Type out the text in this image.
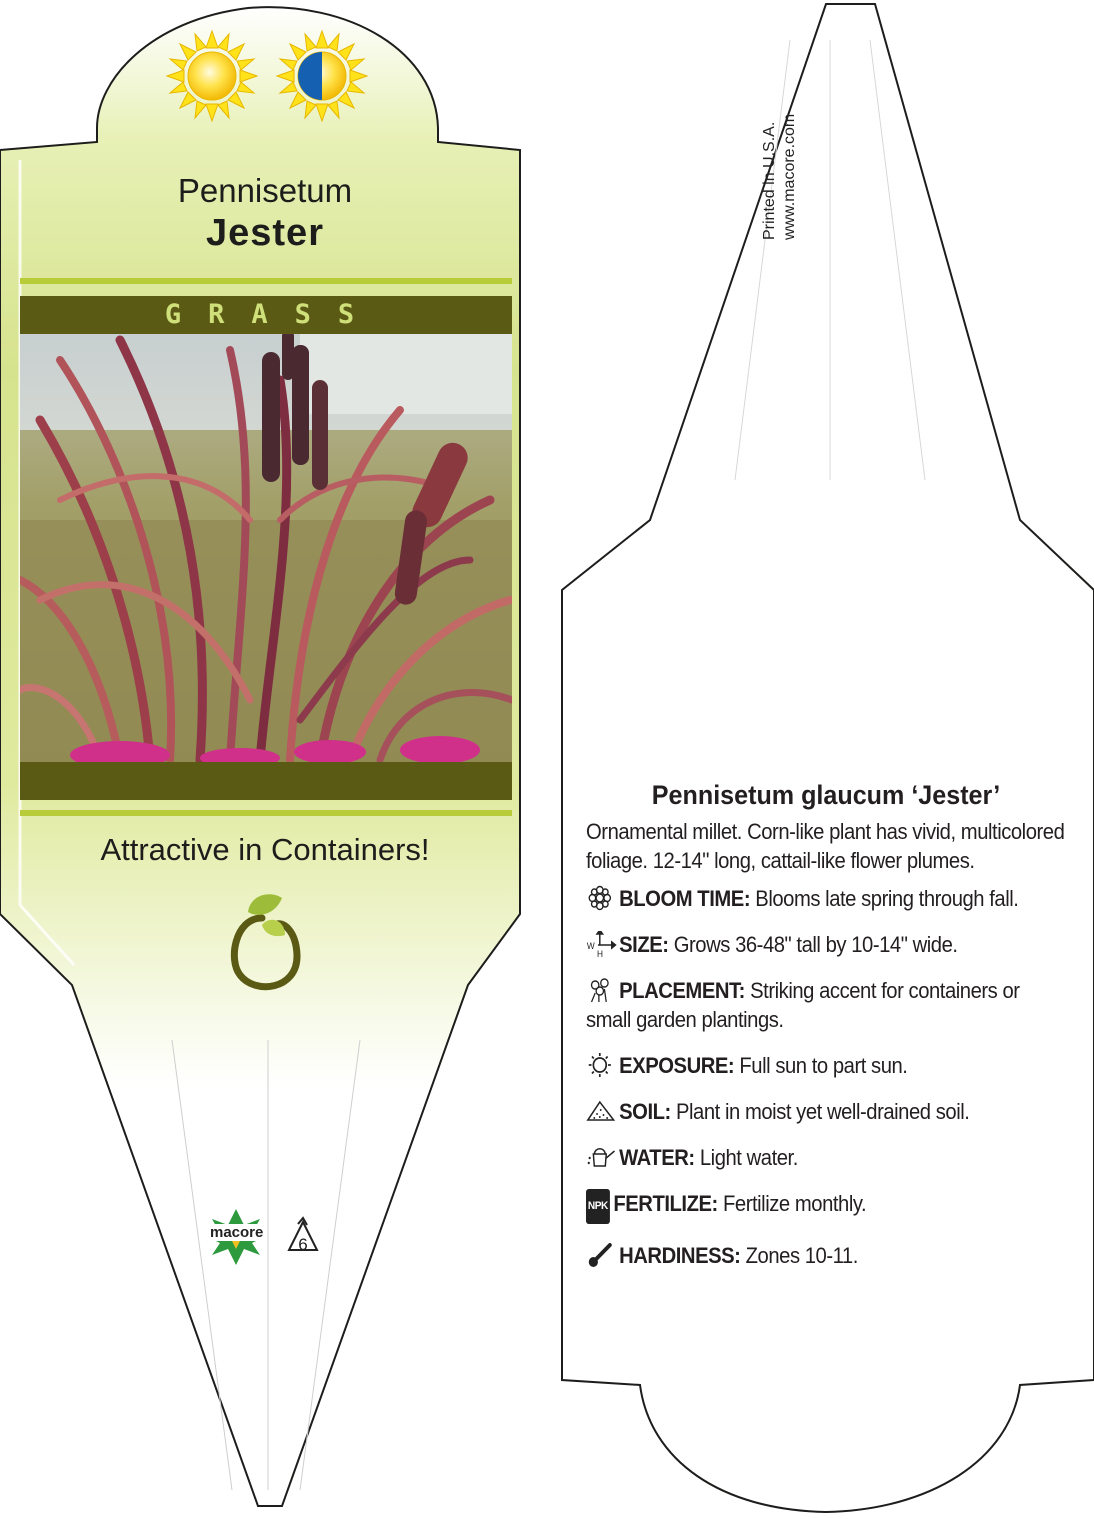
Pennisetum
Jester
GRASS
Attractive in Containers!
macore
6
Printed in U.S.A. www.macore.com
Pennisetum glaucum ‘Jester’
Ornamental millet. Corn-like plant has vivid, multicolored foliage. 12-14" long, cattail-like flower plumes.
BLOOM TIME: Blooms late spring through fall.
W
H SIZE: Grows 36-48" tall by 10-14" wide.
PLACEMENT: Striking accent for containers or small garden plantings.
EXPOSURE: Full sun to part sun.
SOIL: Plant in moist yet well-drained soil.
WATER: Light water.
NPK FERTILIZE: Fertilize monthly.
HARDINESS: Zones 10-11.
